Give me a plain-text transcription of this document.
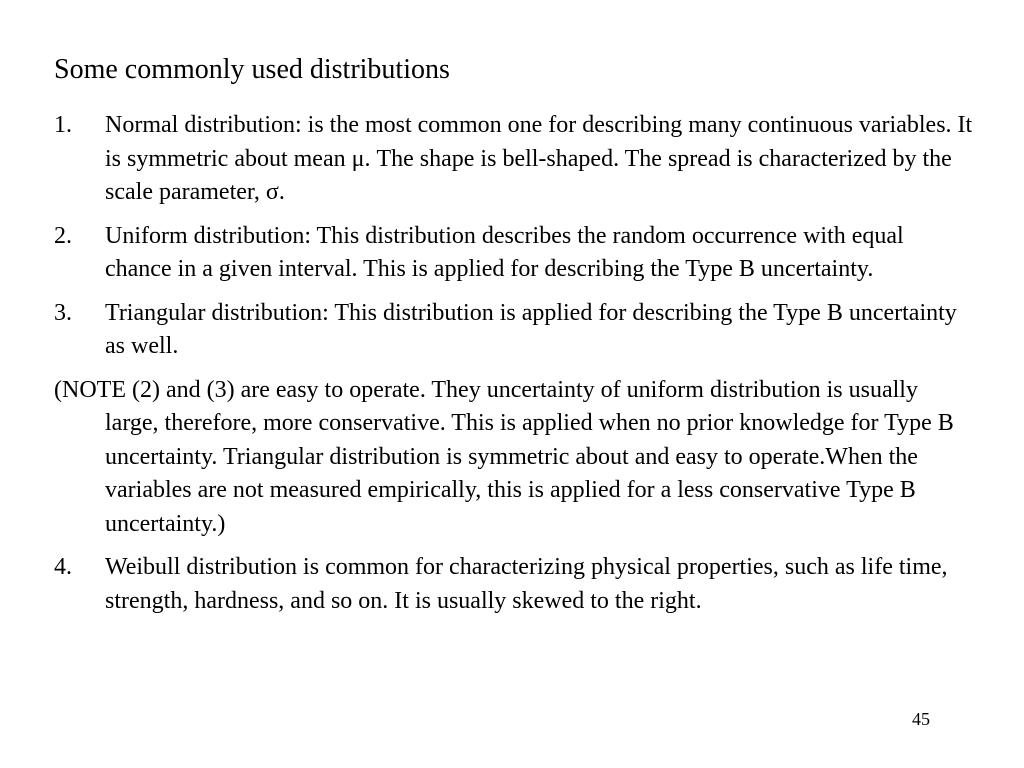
Some commonly used distributions
1. Normal distribution: is the most common one for describing many continuous variables. It is symmetric about mean μ. The shape is bell-shaped. The spread is characterized by the scale parameter, σ.
2. Uniform distribution: This distribution describes the random occurrence with equal chance in a given interval. This is applied for describing the Type B uncertainty.
3. Triangular distribution: This distribution is applied for describing the Type B uncertainty as well.
(NOTE (2) and (3) are easy to operate. They uncertainty of uniform distribution is usually large, therefore, more conservative. This is applied when no prior knowledge for Type B uncertainty. Triangular distribution is symmetric about and easy to operate.When the variables are not measured empirically, this is applied for a less conservative Type B uncertainty.)
4. Weibull distribution is common for characterizing physical properties, such as life time, strength, hardness, and so on. It is usually skewed to the right.
45
